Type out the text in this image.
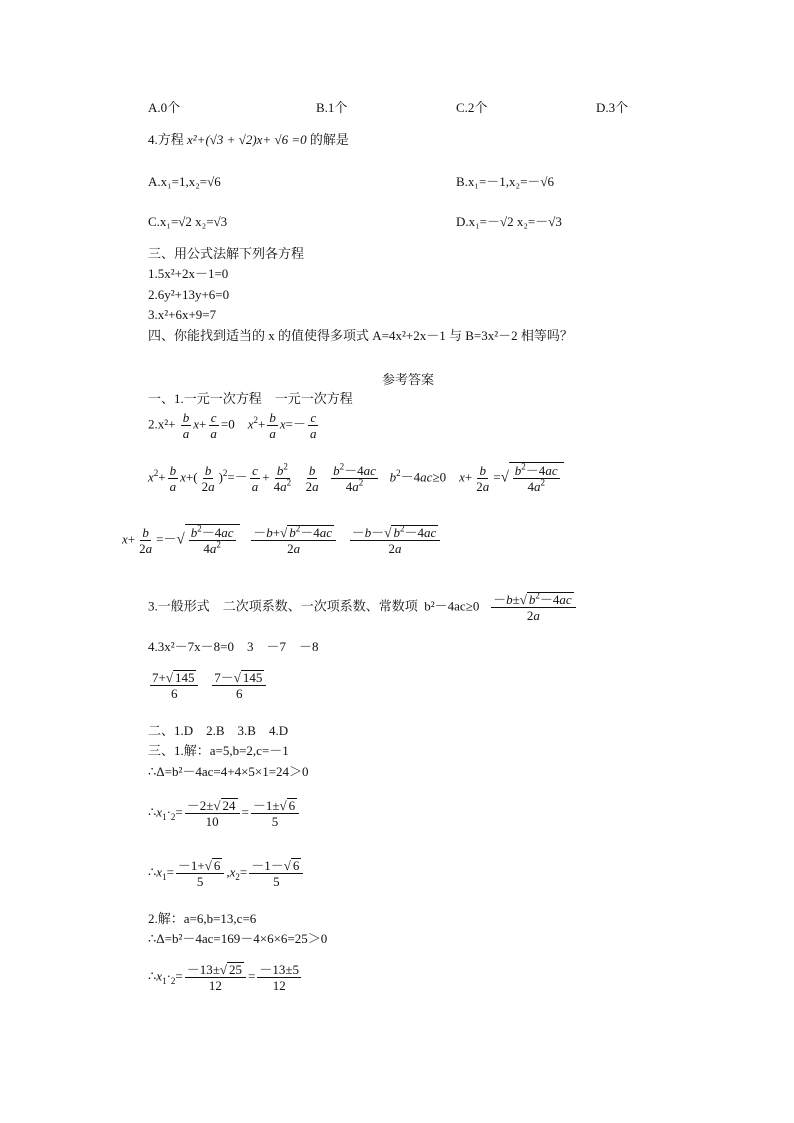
A.0个	B.1个	C.2个	D.3个
4.方程 x²+(√3 + √2)x+ √6 =0 的解是
A.x₁=1,x₂=√6	B.x₁=－1,x₂=－√6
C.x₁=√2 x₂=√3	D.x₁=－√2 x₂=－√3
三、用公式法解下列各方程
1.5x²+2x－1=0
2.6y²+13y+6=0
3.x²+6x+9=7
四、你能找到适当的 x 的值使得多项式 A=4x²+2x－1 与 B=3x²－2 相等吗？
参考答案
一、1.一元一次方程　一元一次方程
$2.x^2+ \frac{b}{a} x+ \frac{c}{a} =0$    $x^2+ \frac{b}{a} x=- \frac{c}{a}$
$x^2+ \frac{b}{a} x+( \frac{b}{2a} )^2=- \frac{c}{a} + \frac{b^2}{4a^2}$
$\frac{b}{2a}$
$\frac{b^2-4ac}{4a^2} b^2-4ac\ge 0$    $x+ \frac{b}{2a}$ =√ $\frac{b^2-4ac}{4a^2}$
$x+ \frac{b}{2a}$ =－√ $\frac{b^2-4ac}{4a^2}$
$\frac{-b+√ b^2-4ac}{2a}$
$\frac{-b-√ b^2-4ac}{2a}$
3.一般形式　二次项系数、一次项系数、常数项 $b^2-4ac\ge 0 \frac{-b\pm√ b^2-4ac}{2a}$
4.3x²－7x－8=0　3　－7　－8
$\frac{7+√ 145}{6}$
$\frac{7-√ 145}{6}$
二、1.D　2.B　3.B　4.D
三、1.解：a=5,b=2,c=－1
∴Δ=b²－4ac=4+4×5×1=24＞0
$\therefore x_1\cdot_2= \frac{-2\pm√ 24}{10} = \frac{-1\pm√ 6}{5}$
$\therefore x_1= \frac{-1+√ 6}{5} ,x_2= \frac{-1-√ 6}{5}$
2.解：a=6,b=13,c=6
∴Δ=b²－4ac=169－4×6×6=25＞0
$\therefore x_1\cdot_2= \frac{-13\pm√ 25}{12} = \frac{-13\pm 5}{12}$
